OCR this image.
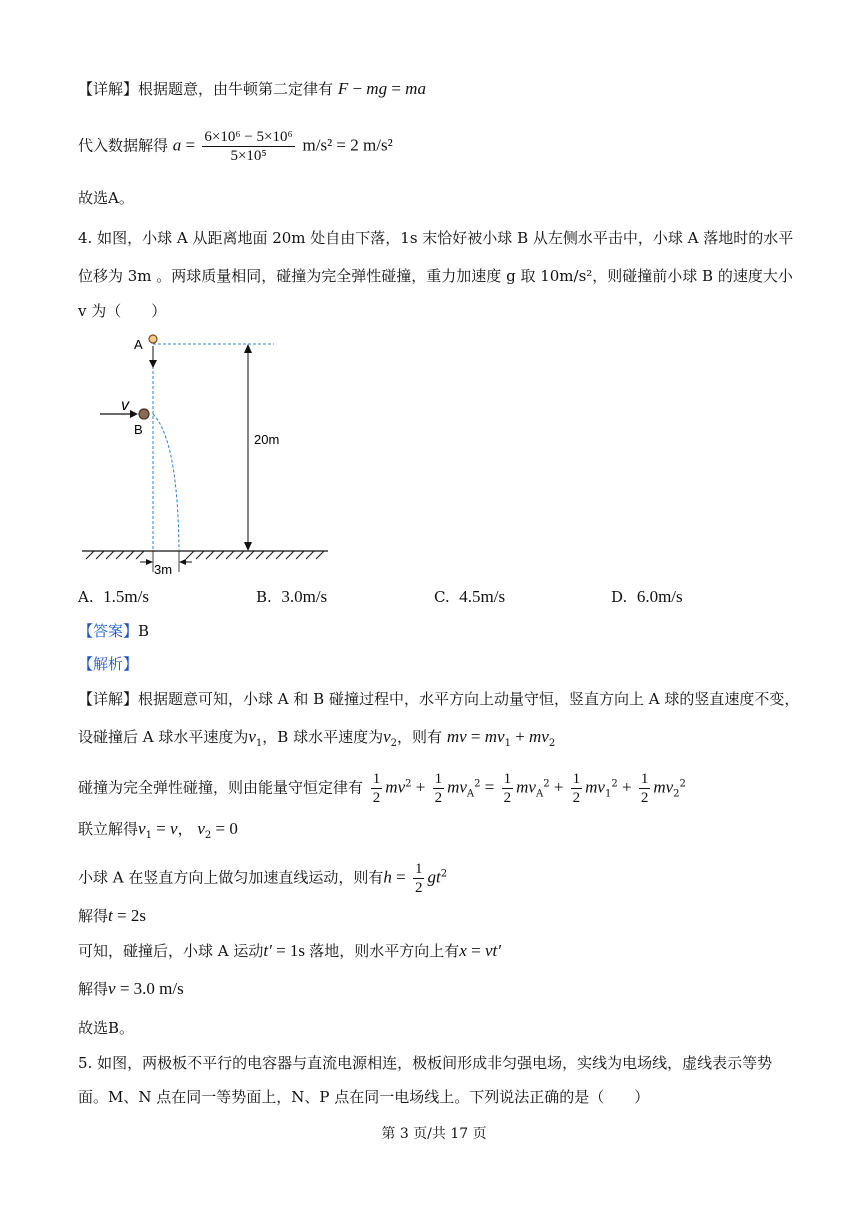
【详解】根据题意，由牛顿第二定律有 F − mg = ma
代入数据解得 $a = \frac{\text{6×10⁶ − 5×10⁶}}{\text{5×10⁵}} m/s^2 = 2$ m/s²
故选A。
4. 如图，小球 A 从距离地面 20m 处自由下落，1s 末恰好被小球 B 从左侧水平击中，小球 A 落地时的水平
位移为 3m 。两球质量相同，碰撞为完全弹性碰撞，重力加速度 g 取 10m/s²，则碰撞前小球 B 的速度大小
v 为（　　）
A
B
v
20m
3m
A. 1.5m/s	B. 3.0m/s	C. 4.5m/s	D. 6.0m/s
【答案】B
【解析】
【详解】根据题意可知，小球 A 和 B 碰撞过程中，水平方向上动量守恒，竖直方向上 A 球的竖直速度不变，
设碰撞后 A 球水平速度为$v_1$，B 球水平速度为$v_2$，则有 mv = $mv_1 + mv_2$
碰撞为完全弹性碰撞，则由能量守恒定律有 $\frac{1}{2} mv^2 + \frac{1}{2} mv_A^2 = \frac{1}{2} mv_A^2 + \frac{1}{2} mv_1^2 + \frac{1}{2} mv_2^2$
联立解得$v_1 = v$， $v_2 = 0$
小球 A 在竖直方向上做匀加速直线运动，则有$h = \frac{1}{2} gt^2$
解得t = 2s
可知，碰撞后，小球 A 运动t′ = 1s 落地，则水平方向上有x = vt′
解得v = 3.0 m/s
故选B。
5. 如图，两极板不平行的电容器与直流电源相连，极板间形成非匀强电场，实线为电场线，虚线表示等势
面。M、N 点在同一等势面上，N、P 点在同一电场线上。下列说法正确的是（　　）
第 3 页/共 17 页
